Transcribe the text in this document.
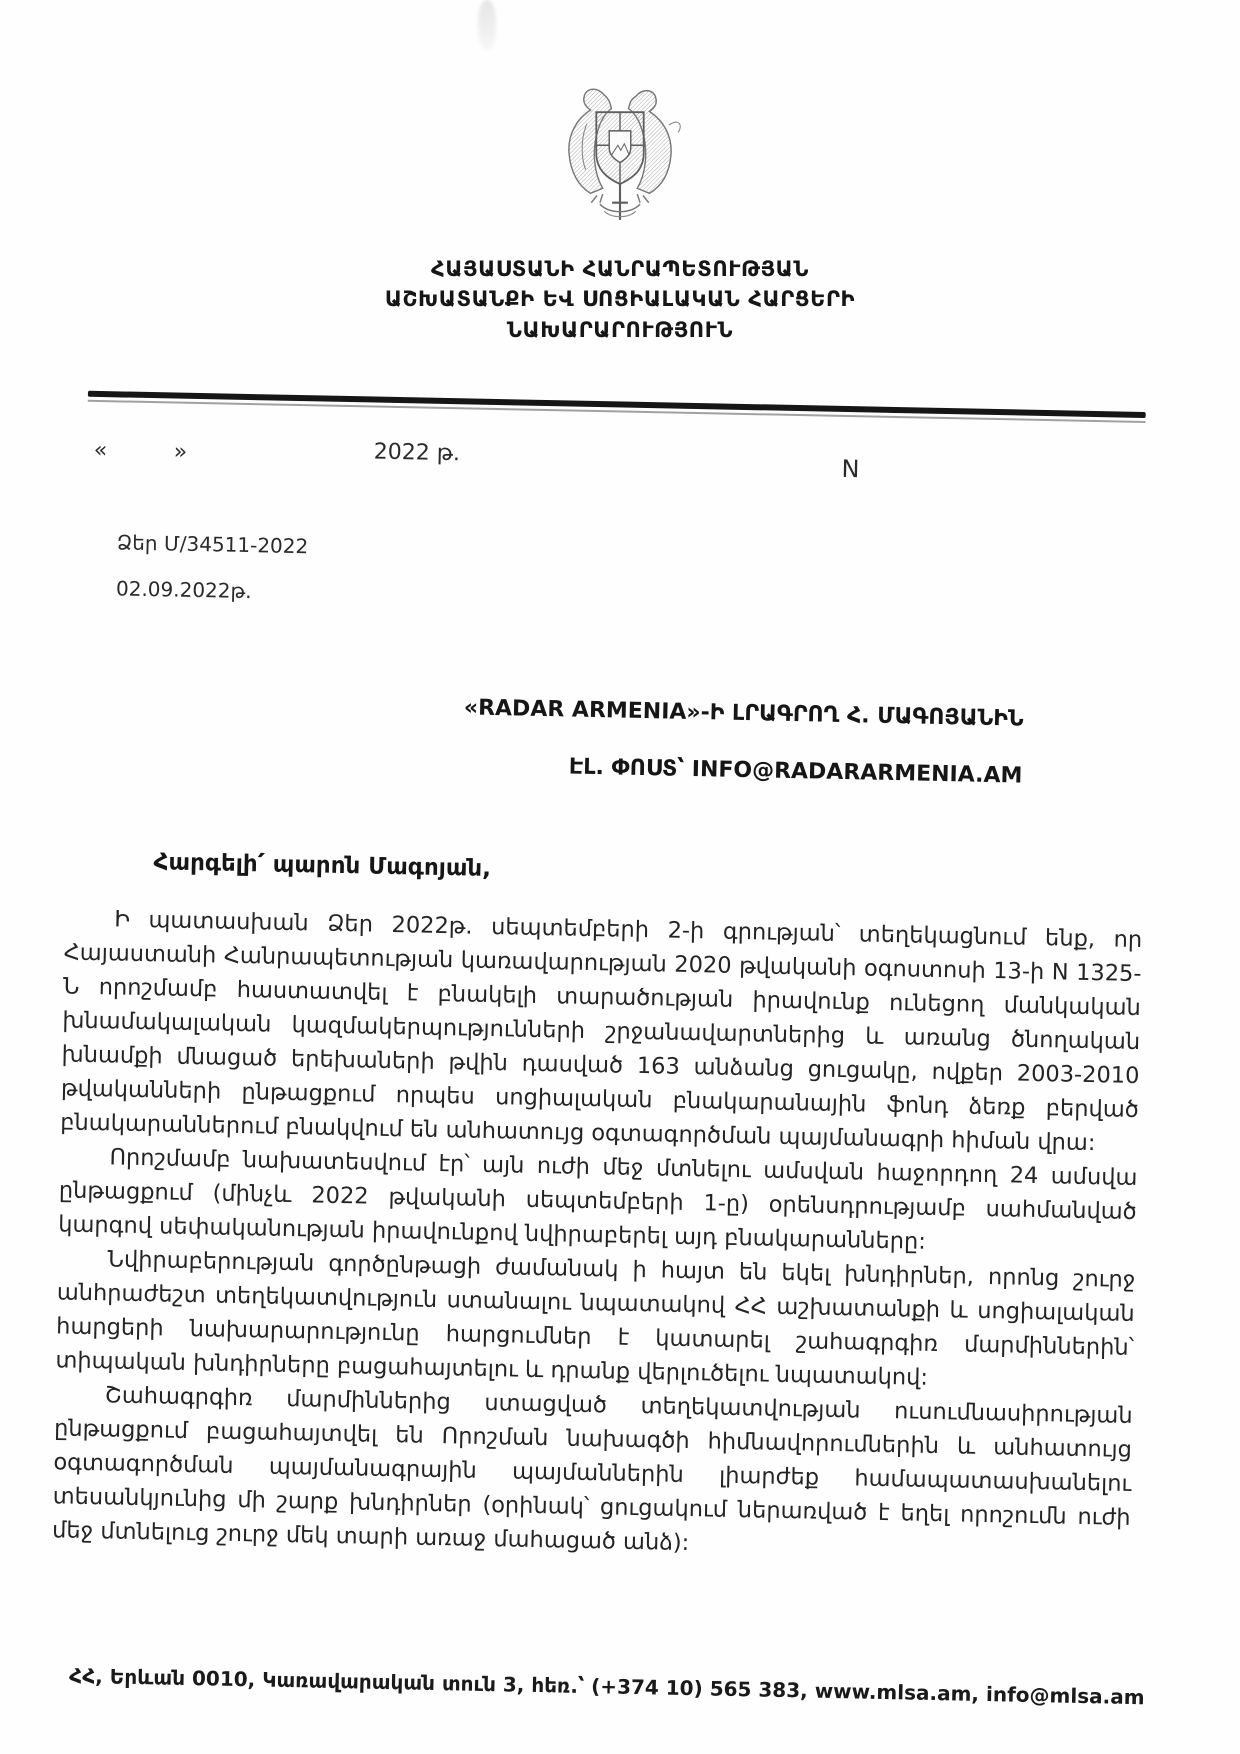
ՀԱՅԱՍՏԱՆԻ ՀԱՆՐԱՊԵՏՈՒԹՅԱՆ
ԱՇԽԱՏԱՆՔԻ ԵՎ ՍՈՑԻԱԼԱԿԱՆ ՀԱՐՑԵՐԻ
ՆԱԽԱՐԱՐՈՒԹՅՈՒՆ
«	»	2022 թ.
N
Ձեր Մ/34511-2022
02.09.2022թ.
«RADAR ARMENIA»-Ի ԼՐԱԳՐՈՂ Հ. ՄԱԳՈՅԱՆԻՆ
ԷԼ. ՓՈՍՏ՝ INFO@RADARARMENIA.AM
Հարգելի՛ պարոն Մագոյան,

Ի պատասխան Ձեր 2022թ. սեպտեմբերի 2-ի գրության՝ տեղեկացնում ենք, որ Հայաստանի Հանրապետության կառավարության 2020 թվականի օգոստոսի 13-ի N 1325-Ն որոշմամբ հաստատվել է բնակելի տարածության իրավունք ունեցող մանկական խնամակալական կազմակերպությունների շրջանավարտներից և առանց ծնողական խնամքի մնացած երեխաների թվին դասված 163 անձանց ցուցակը, ովքեր 2003-2010 թվականների ընթացքում որպես սոցիալական բնակարանային ֆոնդ ձեռք բերված բնակարաններում բնակվում են անհատույց օգտագործման պայմանագրի հիման վրա:

Որոշմամբ նախատեսվում էր՝ այն ուժի մեջ մտնելու ամսվան հաջորդող 24 ամսվա ընթացքում (մինչև 2022 թվականի սեպտեմբերի 1-ը) օրենսդրությամբ սահմանված կարգով սեփականության իրավունքով նվիրաբերել այդ բնակարանները:

Նվիրաբերության գործընթացի ժամանակ ի հայտ են եկել խնդիրներ, որոնց շուրջ անհրաժեշտ տեղեկատվություն ստանալու նպատակով ՀՀ աշխատանքի և սոցիալական հարցերի նախարարությունը հարցումներ է կատարել շահագրգիռ մարմիններին՝ տիպական խնդիրները բացահայտելու և դրանք վերլուծելու նպատակով:

Շահագրգիռ մարմիններից ստացված տեղեկատվության ուսումնասիրության ընթացքում բացահայտվել են Որոշման նախագծի հիմնավորումներին և անհատույց օգտագործման պայմանագրային պայմաններին լիարժեք համապատասխանելու տեսանկյունից մի շարք խնդիրներ (օրինակ՝ ցուցակում ներառված է եղել որոշումն ուժի մեջ մտնելուց շուրջ մեկ տարի առաջ մահացած անձ):

ՀՀ, Երևան 0010, Կառավարական տուն 3, հեռ.՝ (+374 10) 565 383, www.mlsa.am, info@mlsa.am
